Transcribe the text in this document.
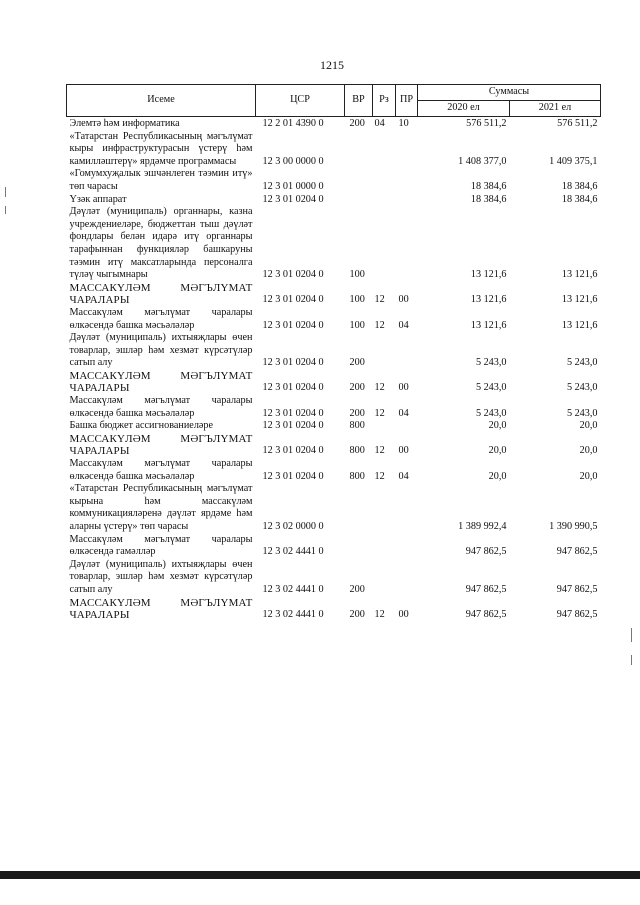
1215
Исеме	ЦСР	ВР	Рз	ПР	Суммасы	
					2020 ел	2021 ел
Элемтә һәм информатика	12 2 01 4390 0	200	04	10	576 511,2	576 511,2
«Татарстан Республикасының мәгълүмат кыры инфраструктурасын үстерү һәм камилләштерү» ярдәмче программасы	12 3 00 0000 0				1 408 377,0	1 409 375,1
«Гомумхуҗалык эшчәнлеген тәэмин итү» төп чарасы	12 3 01 0000 0				18 384,6	18 384,6
Үзәк аппарат	12 3 01 0204 0				18 384,6	18 384,6
Дәүләт (муниципаль) органнары, казна учреждениеләре, бюджеттан тыш дәүләт фондлары белән идарә итү органнары тарафыннан функцияләр башкаруны тәэмин итү максатларында персоналга түләү чыгымнары	12 3 01 0204 0	100			13 121,6	13 121,6
МАССАКҮЛӘМ МӘГЪЛҮМАТ ЧАРАЛАРЫ	12 3 01 0204 0	100	12	00	13 121,6	13 121,6
Массакүләм мәгълүмат чаралары өлкәсендә башка мәсьәләләр	12 3 01 0204 0	100	12	04	13 121,6	13 121,6
Дәүләт (муниципаль) ихтыяҗлары өчен товарлар, эшләр һәм хезмәт күрсәтүләр сатып алу	12 3 01 0204 0	200			5 243,0	5 243,0
МАССАКҮЛӘМ МӘГЪЛҮМАТ ЧАРАЛАРЫ	12 3 01 0204 0	200	12	00	5 243,0	5 243,0
Массакүләм мәгълүмат чаралары өлкәсендә башка мәсьәләләр	12 3 01 0204 0	200	12	04	5 243,0	5 243,0
Башка бюджет ассигнованиеләре	12 3 01 0204 0	800			20,0	20,0
МАССАКҮЛӘМ МӘГЪЛҮМАТ ЧАРАЛАРЫ	12 3 01 0204 0	800	12	00	20,0	20,0
Массакүләм мәгълүмат чаралары өлкәсендә башка мәсьәләләр	12 3 01 0204 0	800	12	04	20,0	20,0
«Татарстан Республикасының мәгълүмат кырына һәм массакүләм коммуникацияләренә дәүләт ярдәме һәм аларны үстерү» төп чарасы	12 3 02 0000 0				1 389 992,4	1 390 990,5
Массакүләм мәгълүмат чаралары өлкәсендә гамәлләр	12 3 02 4441 0				947 862,5	947 862,5
Дәүләт (муниципаль) ихтыяҗлары өчен товарлар, эшләр һәм хезмәт күрсәтүләр сатып алу	12 3 02 4441 0	200			947 862,5	947 862,5
МАССАКҮЛӘМ МӘГЪЛҮМАТ ЧАРАЛАРЫ	12 3 02 4441 0	200	12	00	947 862,5	947 862,5
